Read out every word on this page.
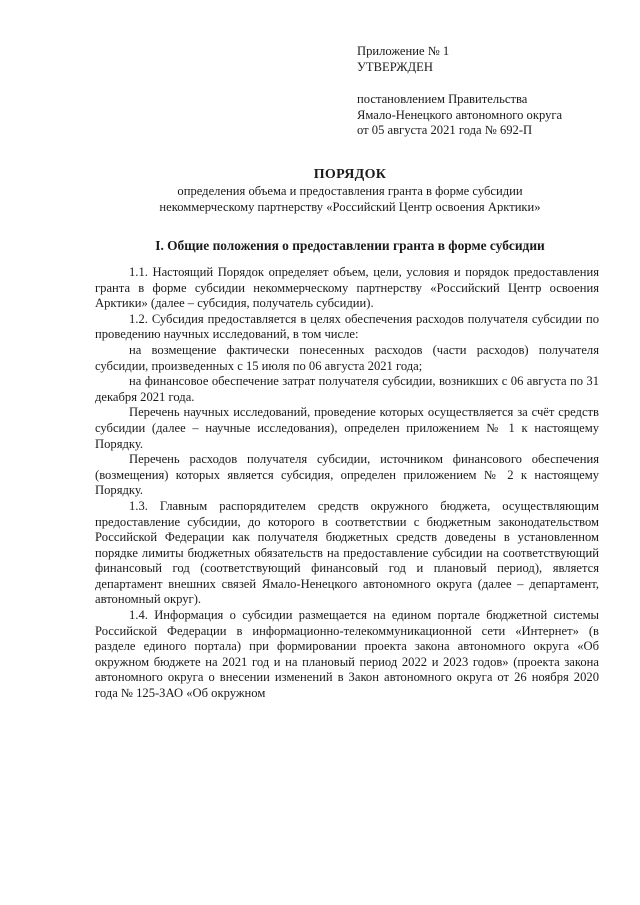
Приложение № 1
УТВЕРЖДЕН
постановлением Правительства
Ямало-Ненецкого автономного округа
от 05 августа 2021 года № 692-П
ПОРЯДОК
определения объема и предоставления гранта в форме субсидии
некоммерческому партнерству «Российский Центр освоения Арктики»
I. Общие положения о предоставлении гранта в форме субсидии

1.1. Настоящий Порядок определяет объем, цели, условия и порядок предоставления гранта в форме субсидии некоммерческому партнерству «Российский Центр освоения Арктики» (далее – субсидия, получатель субсидии).

1.2. Субсидия предоставляется в целях обеспечения расходов получателя субсидии по проведению научных исследований, в том числе:

на возмещение фактически понесенных расходов (части расходов) получателя субсидии, произведенных с 15 июля по 06 августа 2021 года;

на финансовое обеспечение затрат получателя субсидии, возникших с 06 августа по 31 декабря 2021 года.

Перечень научных исследований, проведение которых осуществляется за счёт средств субсидии (далее – научные исследования), определен приложением № 1 к настоящему Порядку.

Перечень расходов получателя субсидии, источником финансового обеспечения (возмещения) которых является субсидия, определен приложением № 2 к настоящему Порядку.

1.3. Главным распорядителем средств окружного бюджета, осуществляющим предоставление субсидии, до которого в соответствии с бюджетным законодательством Российской Федерации как получателя бюджетных средств доведены в установленном порядке лимиты бюджетных обязательств на предоставление субсидии на соответствующий финансовый год (соответствующий финансовый год и плановый период), является департамент внешних связей Ямало-Ненецкого автономного округа (далее – департамент, автономный округ).

1.4. Информация о субсидии размещается на едином портале бюджетной системы Российской Федерации в информационно-телекоммуникационной сети «Интернет» (в разделе единого портала) при формировании проекта закона автономного округа «Об окружном бюджете на 2021 год и на плановый период 2022 и 2023 годов» (проекта закона автономного округа о внесении изменений в Закон автономного округа от 26 ноября 2020 года № 125-ЗАО «Об окружном
